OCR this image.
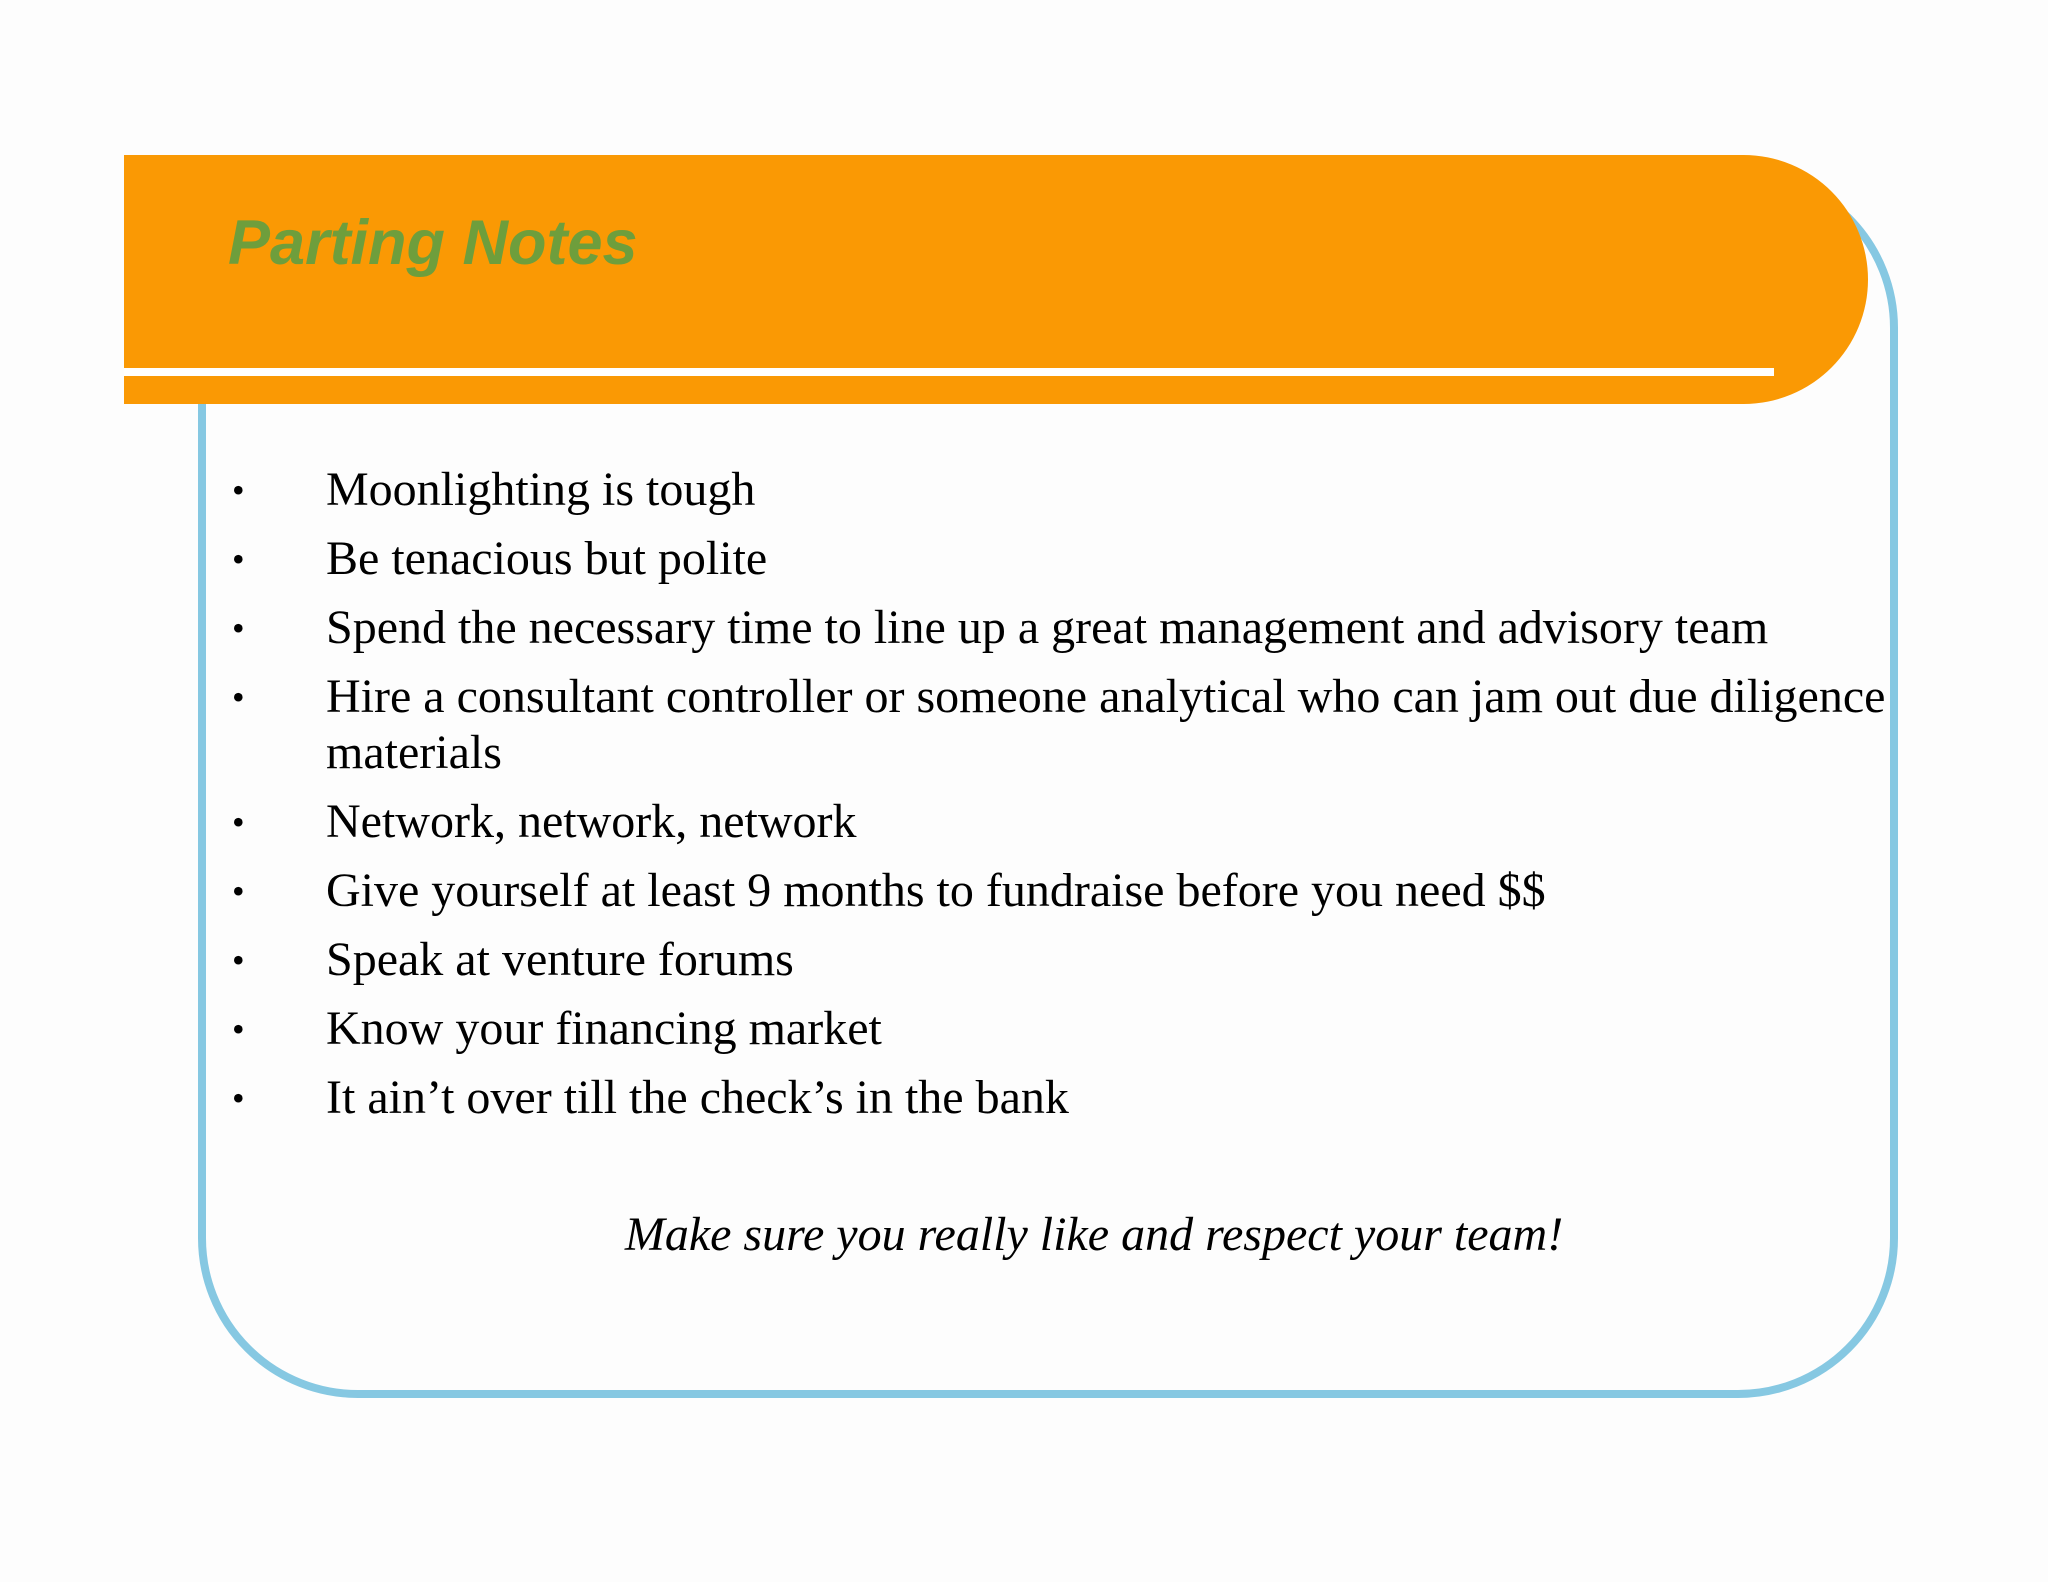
Parting Notes
• Moonlighting is tough
• Be tenacious but polite
• Spend the necessary time to line up a great management and advisory team
• Hire a consultant controller or someone analytical who can jam out due diligence materials
• Network, network, network
• Give yourself at least 9 months to fundraise before you need $$
• Speak at venture forums
• Know your financing market
• It ain’t over till the check’s in the bank
Make sure you really like and respect your team!
